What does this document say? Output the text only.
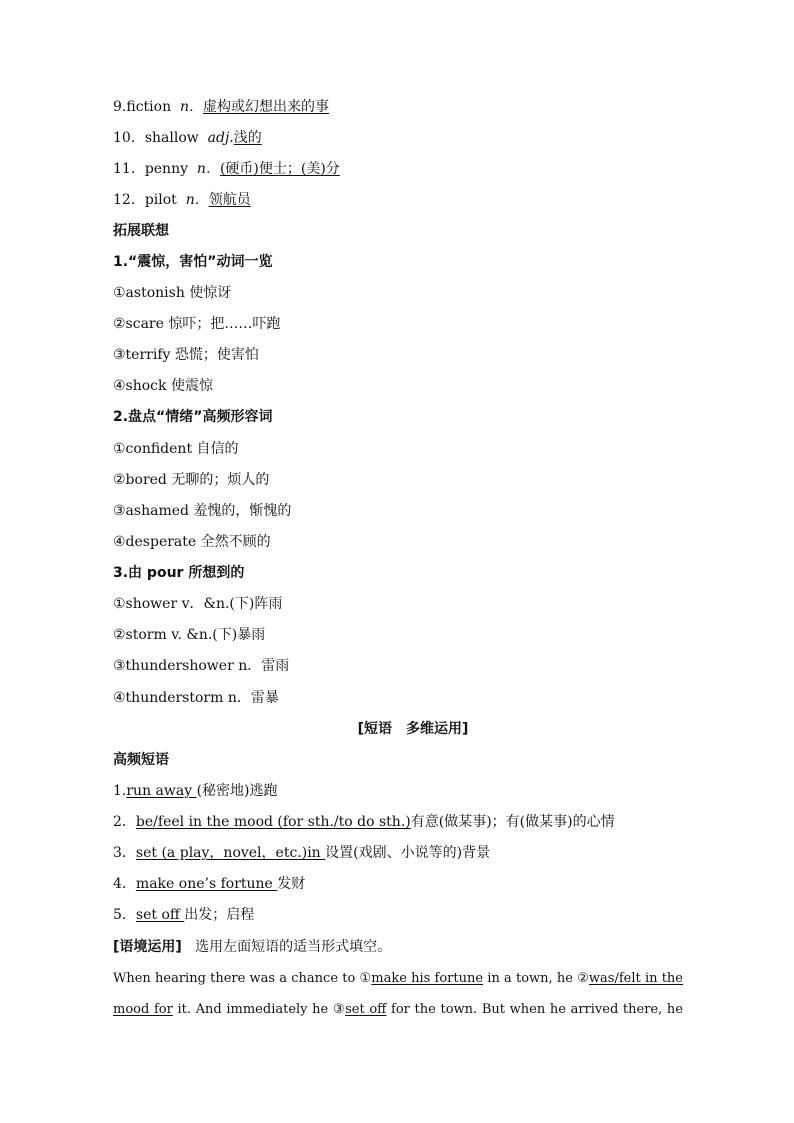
9.fiction n．虚构或幻想出来的事
10．shallow adj.浅的
11．penny n．(硬币)便士；(美)分
12．pilot n．领航员
拓展联想
1.“震惊，害怕”动词一览
①astonish 使惊讶
②scare 惊吓；把……吓跑
③terrify 恐慌；使害怕
④shock 使震惊
2.盘点“情绪”高频形容词
①confident 自信的
②bored 无聊的；烦人的
③ashamed 羞愧的，惭愧的
④desperate 全然不顾的
3.由 pour 所想到的
①shower v．&n.(下)阵雨
②storm v. &n.(下)暴雨
③thundershower n．雷雨
④thunderstorm n．雷暴
[短语　多维运用]
高频短语
1.run away (秘密地)逃跑
2．be/feel in the mood (for sth./to do sth.)有意(做某事)；有(做某事)的心情
3．set (a play，novel，etc.)in 设置(戏剧、小说等的)背景
4．make one’s fortune 发财
5．set off 出发；启程
[语境运用] 选用左面短语的适当形式填空。
When hearing there was a chance to ①make his fortune in a town, he ②was/felt in the
mood for it. And immediately he ③set off for the town. But when he arrived there, he
